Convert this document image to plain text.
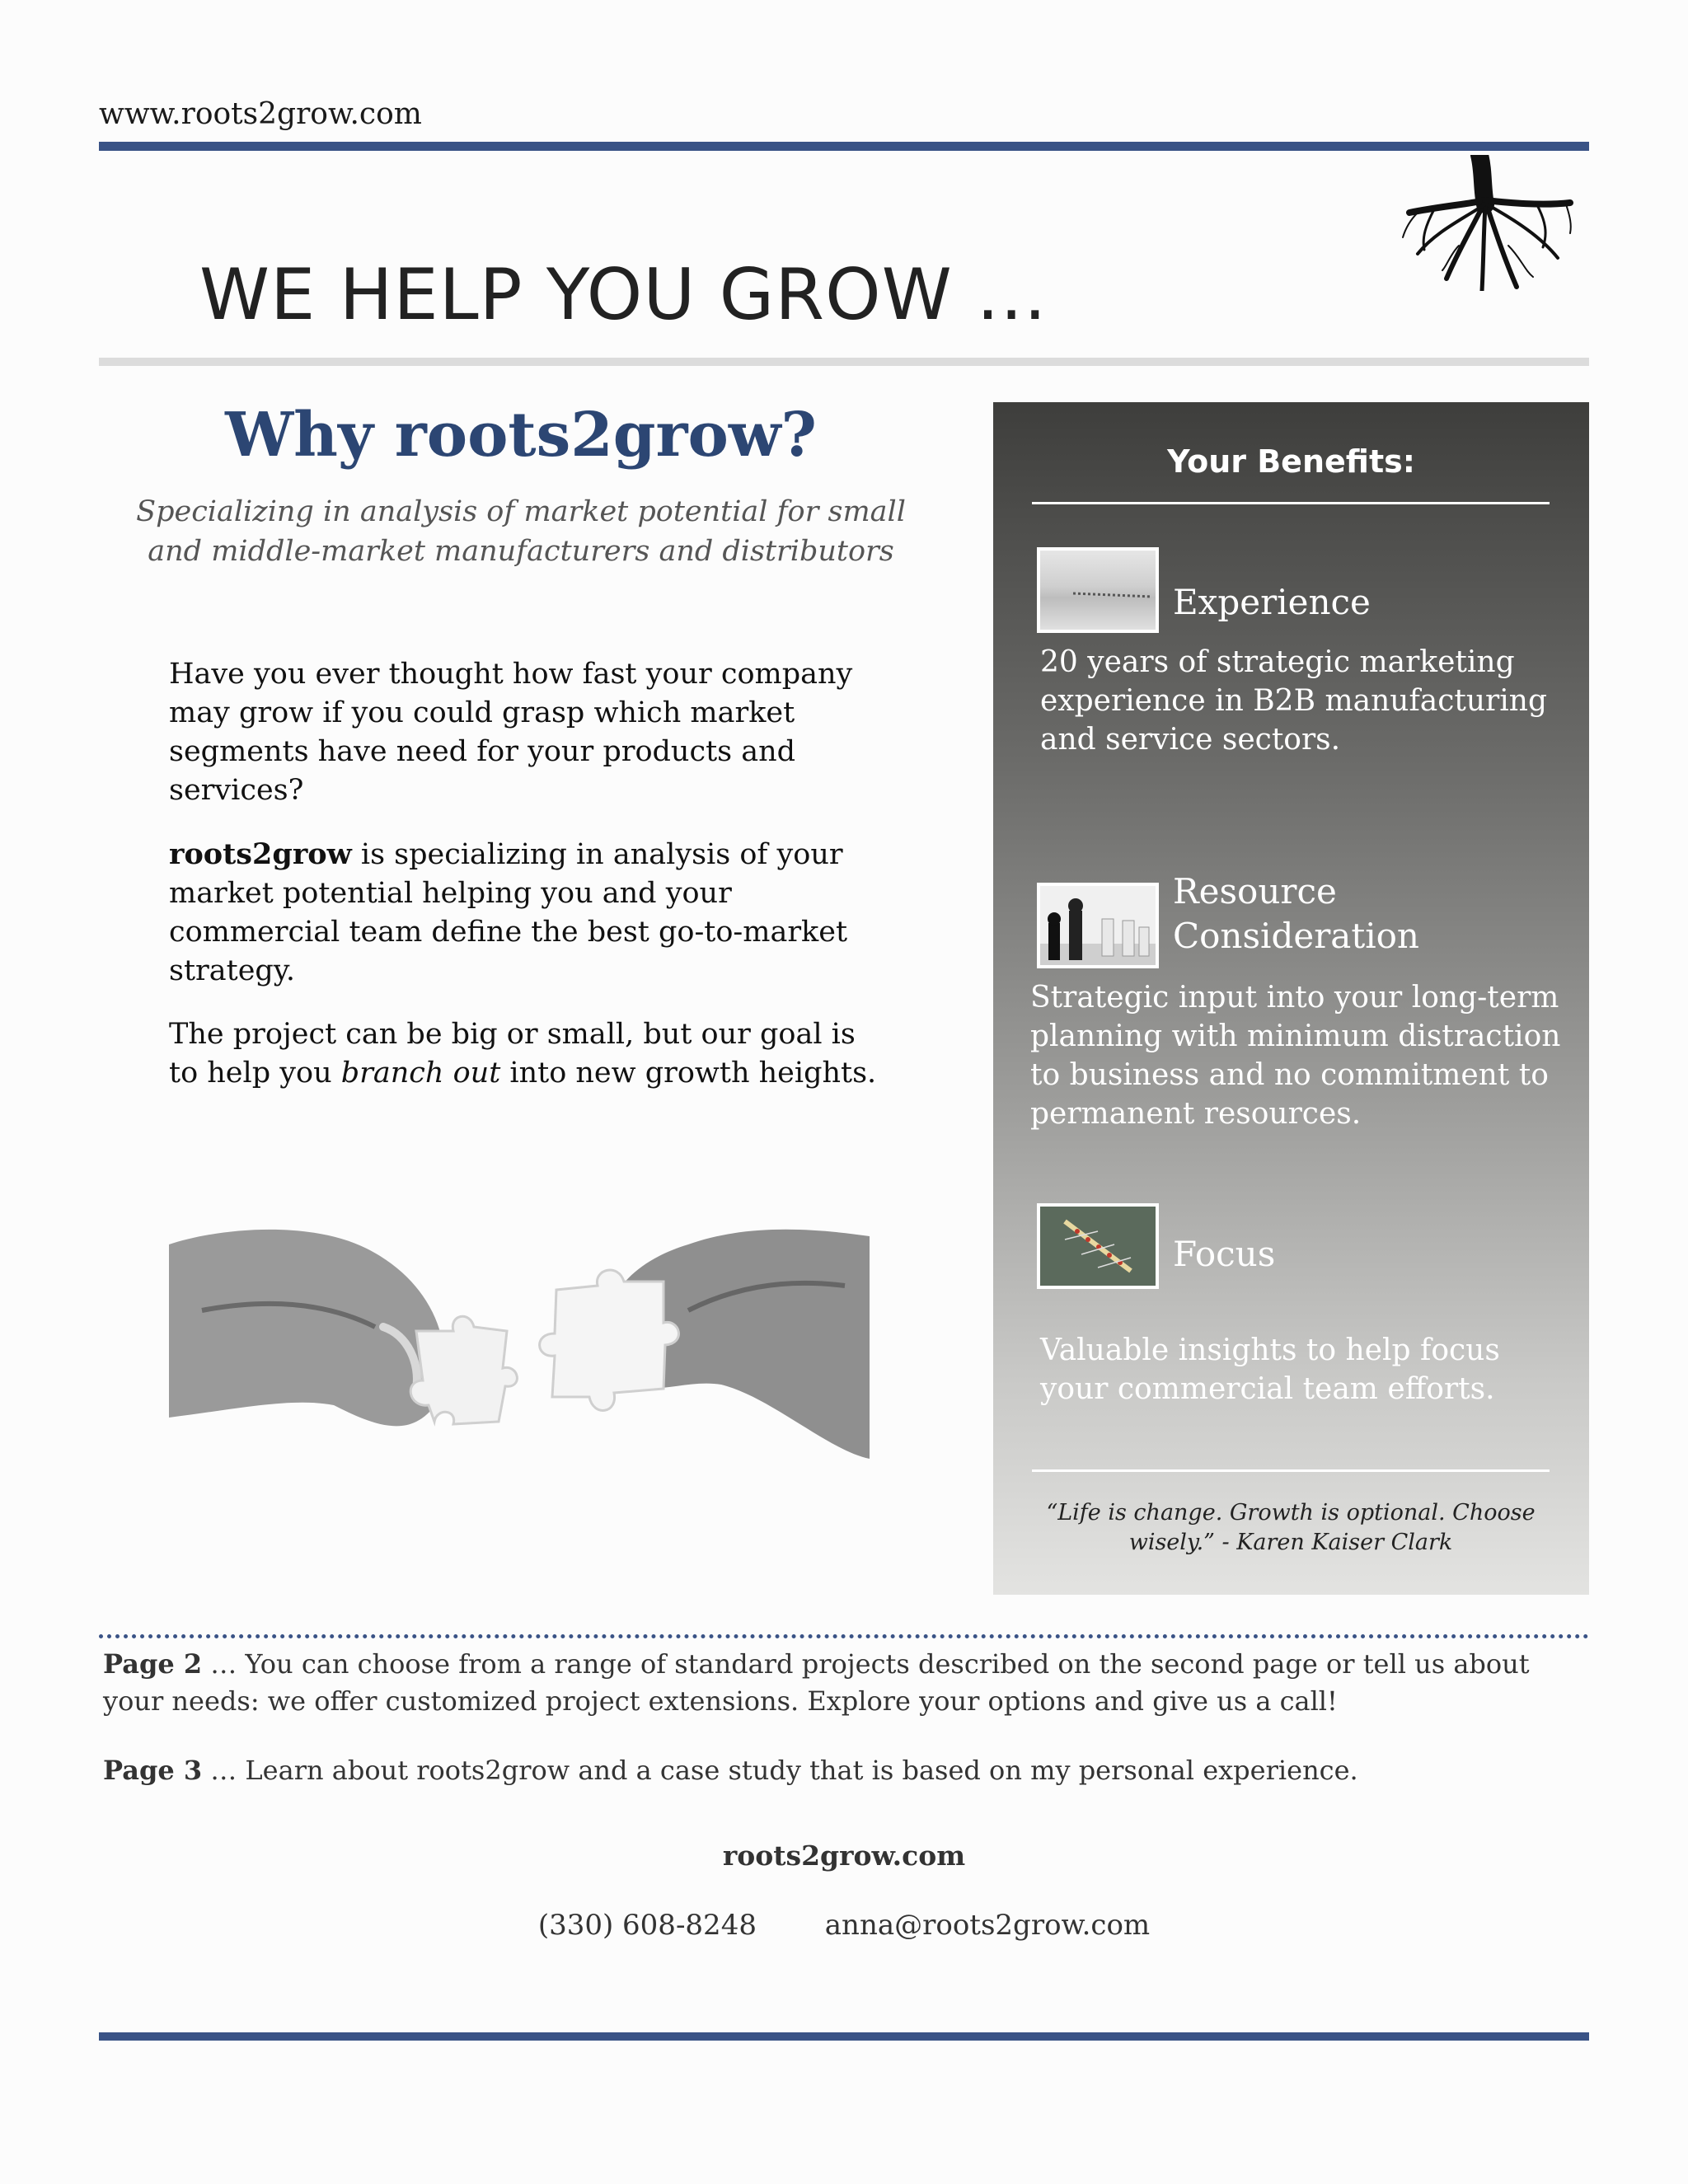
www.roots2grow.com
WE HELP YOU GROW …
Why roots2grow?
Specializing in analysis of market potential for small and middle-market manufacturers and distributors

Have you ever thought how fast your company may grow if you could grasp which market segments have need for your products and services?

roots2grow is specializing in analysis of your market potential helping you and your commercial team define the best go-to-market strategy.

The project can be big or small, but our goal is to help you branch out into new growth heights.

Your Benefits:
Experience
20 years of strategic marketing experience in B2B manufacturing and service sectors.
Resource
Consideration
Strategic input into your long-term planning with minimum distraction to business and no commitment to permanent resources.
Focus
Valuable insights to help focus your commercial team efforts.
“Life is change. Growth is optional. Choose wisely.” - Karen Kaiser Clark
Page 2 … You can choose from a range of standard projects described on the second page or tell us about your needs: we offer customized project extensions. Explore your options and give us a call!
Page 3 … Learn about roots2grow and a case study that is based on my personal experience.
roots2grow.com
(330) 608-8248 anna@roots2grow.com
